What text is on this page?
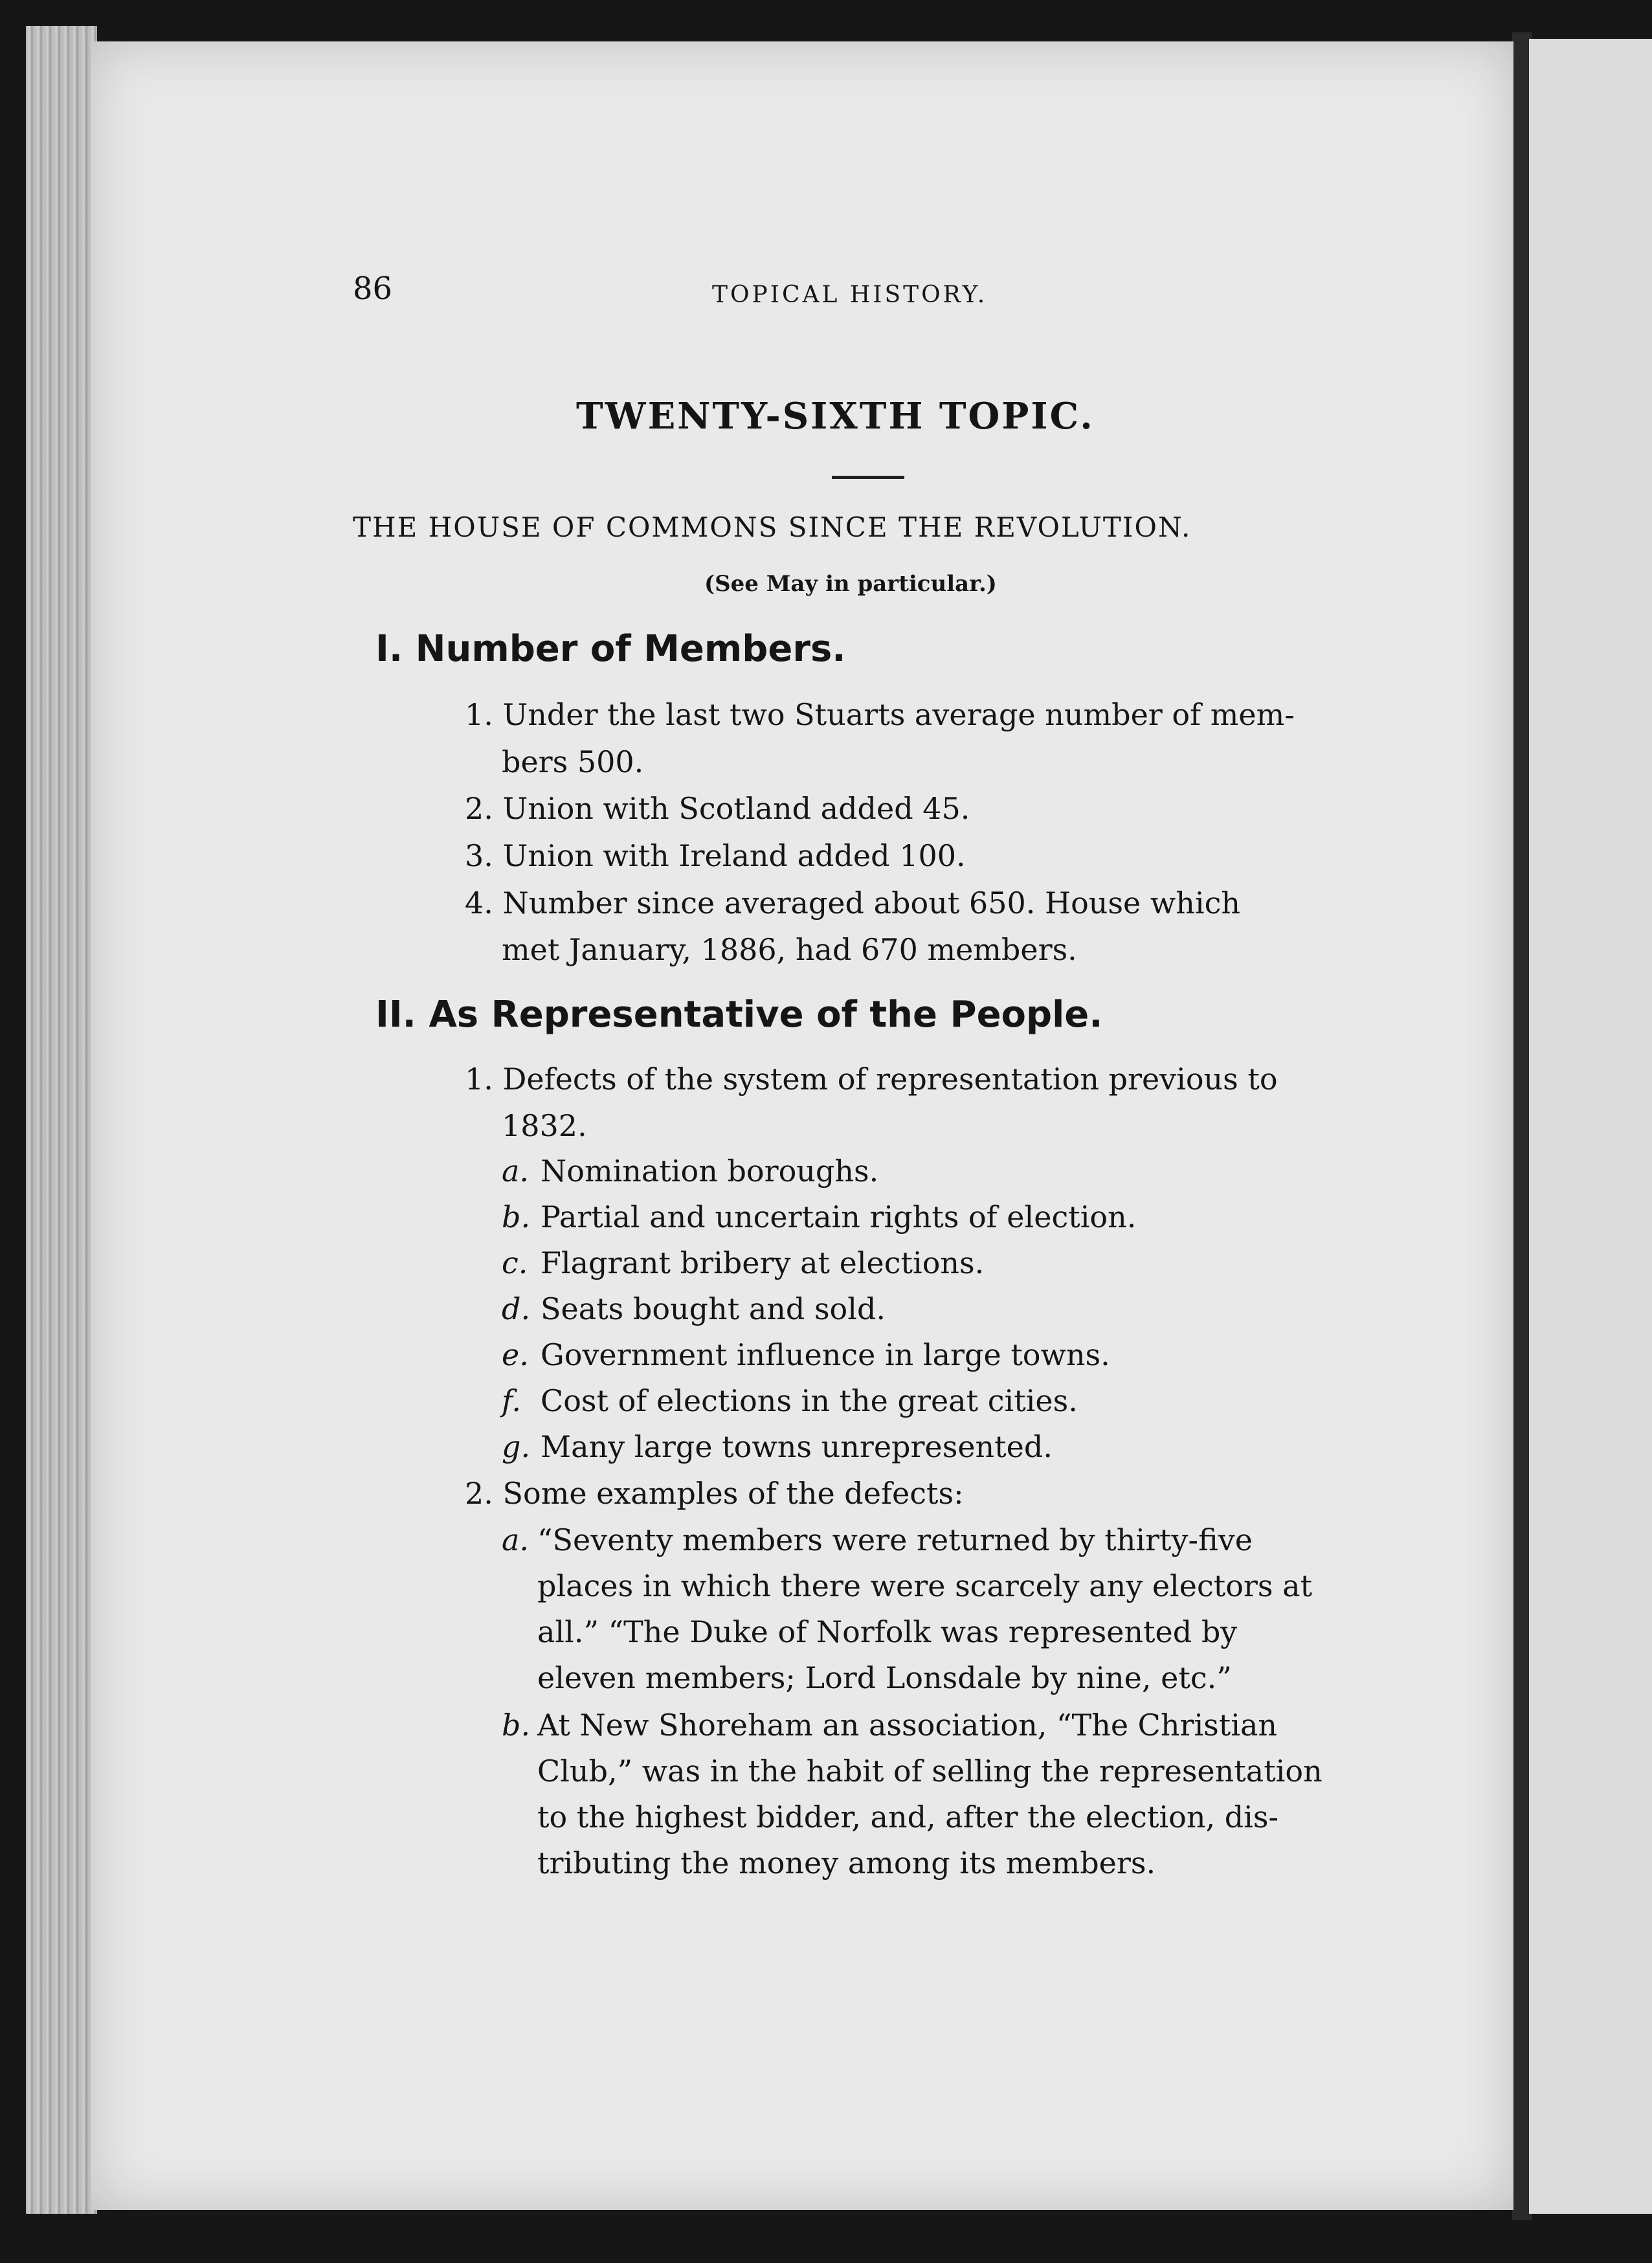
86	TOPICAL HISTORY.
TWENTY-SIXTH TOPIC.
THE HOUSE OF COMMONS SINCE THE REVOLUTION.
(See May in particular.)
I. Number of Members.
1. Under the last two Stuarts average number of mem-
bers 500.
2. Union with Scotland added 45.
3. Union with Ireland added 100.
4. Number since averaged about 650. House which
met January, 1886, had 670 members.
II. As Representative of the People.
1. Defects of the system of representation previous to
1832.
a. Nomination boroughs.
b. Partial and uncertain rights of election.
c. Flagrant bribery at elections.
d. Seats bought and sold.
e. Government influence in large towns.
f. Cost of elections in the great cities.
g. Many large towns unrepresented.
2. Some examples of the defects:
a. “Seventy members were returned by thirty-five
places in which there were scarcely any electors at
all.” “The Duke of Norfolk was represented by
eleven members; Lord Lonsdale by nine, etc.”
b. At New Shoreham an association, “The Christian
Club,” was in the habit of selling the representation
to the highest bidder, and, after the election, dis-
tributing the money among its members.
